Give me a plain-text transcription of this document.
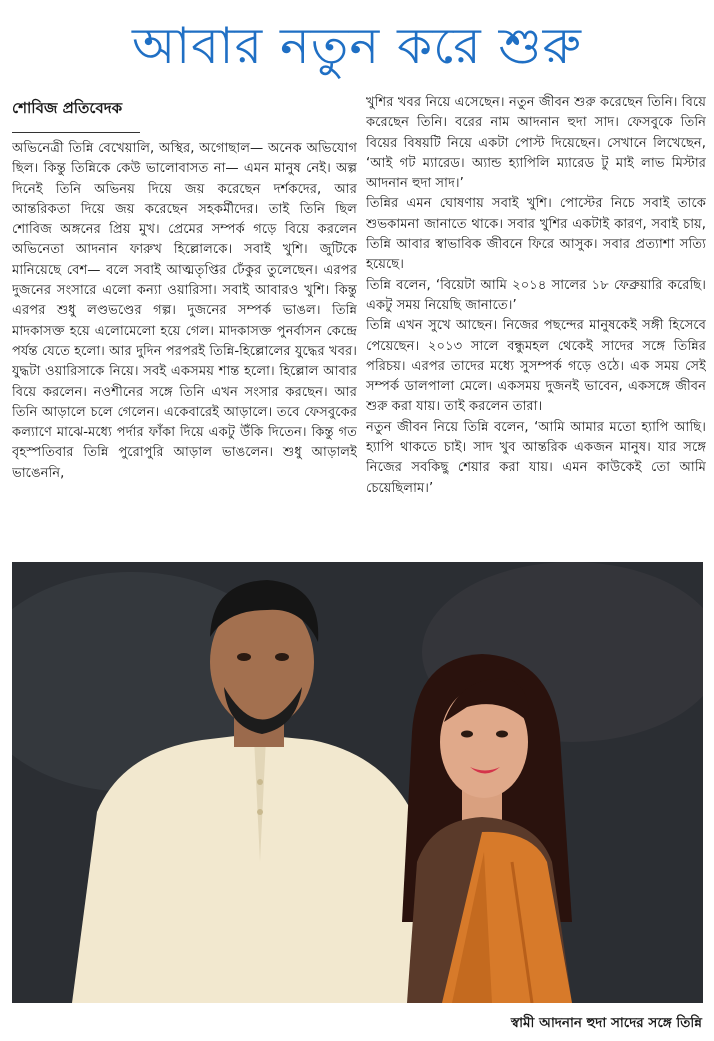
আবার নতুন করে শুরু
শোবিজ প্রতিবেদক

অভিনেত্রী তিন্নি বেখেয়ালি, অস্থির, অগোছাল— অনেক অভিযোগ ছিল। কিন্তু তিন্নিকে কেউ ভালোবাসত না— এমন মানুষ নেই। অল্প দিনেই তিনি অভিনয় দিয়ে জয় করেছেন দর্শকদের, আর আন্তরিকতা দিয়ে জয় করেছেন সহকর্মীদের। তাই তিনি ছিল শোবিজ অঙ্গনের প্রিয় মুখ। প্রেমের সম্পর্ক গড়ে বিয়ে করলেন অভিনেতা আদনান ফারুখ হিল্লোলকে। সবাই খুশি। জুটিকে মানিয়েছে বেশ— বলে সবাই আত্মতৃপ্তির ঢেঁকুর তুলেছেন। এরপর দুজনের সংসারে এলো কন্যা ওয়ারিসা। সবাই আবারও খুশি। কিন্তু এরপর শুধু লণ্ডভণ্ডের গল্প। দুজনের সম্পর্ক ভাঙল। তিন্নি মাদকাসক্ত হয়ে এলোমেলো হয়ে গেল। মাদকাসক্ত পুনর্বাসন কেন্দ্রে পর্যন্ত যেতে হলো। আর দুদিন পরপরই তিন্নি-হিল্লোলের যুদ্ধের খবর। যুদ্ধটা ওয়ারিসাকে নিয়ে। সবই একসময় শান্ত হলো। হিল্লোল আবার বিয়ে করলেন। নওশীনের সঙ্গে তিনি এখন সংসার করছেন। আর তিনি আড়ালে চলে গেলেন। একেবারেই আড়ালে। তবে ফেসবুকের কল্যাণে মাঝে-মধ্যে পর্দার ফাঁকা দিয়ে একটু উঁকি দিতেন। কিন্তু গত বৃহস্পতিবার তিন্নি পুরোপুরি আড়াল ভাঙলেন। শুধু আড়ালই ভাঙেননি,

খুশির খবর নিয়ে এসেছেন। নতুন জীবন শুরু করেছেন তিনি। বিয়ে করেছেন তিনি। বরের নাম আদনান হুদা সাদ। ফেসবুকে তিনি বিয়ের বিষয়টি নিয়ে একটা পোস্ট দিয়েছেন। সেখানে লিখেছেন, ‘আই গট ম্যারেড। অ্যান্ড হ্যাপিলি ম্যারেড টু মাই লাভ মিস্টার আদনান হুদা সাদ।’

তিন্নির এমন ঘোষণায় সবাই খুশি। পোস্টের নিচে সবাই তাকে শুভকামনা জানাতে থাকে। সবার খুশির একটাই কারণ, সবাই চায়, তিন্নি আবার স্বাভাবিক জীবনে ফিরে আসুক। সবার প্রত্যাশা সত্যি হয়েছে।

তিন্নি বলেন, ‘বিয়েটা আমি ২০১৪ সালের ১৮ ফেব্রুয়ারি করেছি। একটু সময় নিয়েছি জানাতে।’

তিন্নি এখন সুখে আছেন। নিজের পছন্দের মানুষকেই সঙ্গী হিসেবে পেয়েছেন। ২০১৩ সালে বন্ধুমহল থেকেই সাদের সঙ্গে তিন্নির পরিচয়। এরপর তাদের মধ্যে সুসম্পর্ক গড়ে ওঠে। এক সময় সেই সম্পর্ক ডালপালা মেলে। একসময় দুজনই ভাবেন, একসঙ্গে জীবন শুরু করা যায়। তাই করলেন তারা।

নতুন জীবন নিয়ে তিন্নি বলেন, ‘আমি আমার মতো হ্যাপি আছি। হ্যাপি থাকতে চাই। সাদ খুব আন্তরিক একজন মানুষ। যার সঙ্গে নিজের সবকিছু শেয়ার করা যায়। এমন কাউকেই তো আমি চেয়েছিলাম।’

স্বামী আদনান হুদা সাদের সঙ্গে তিন্নি
